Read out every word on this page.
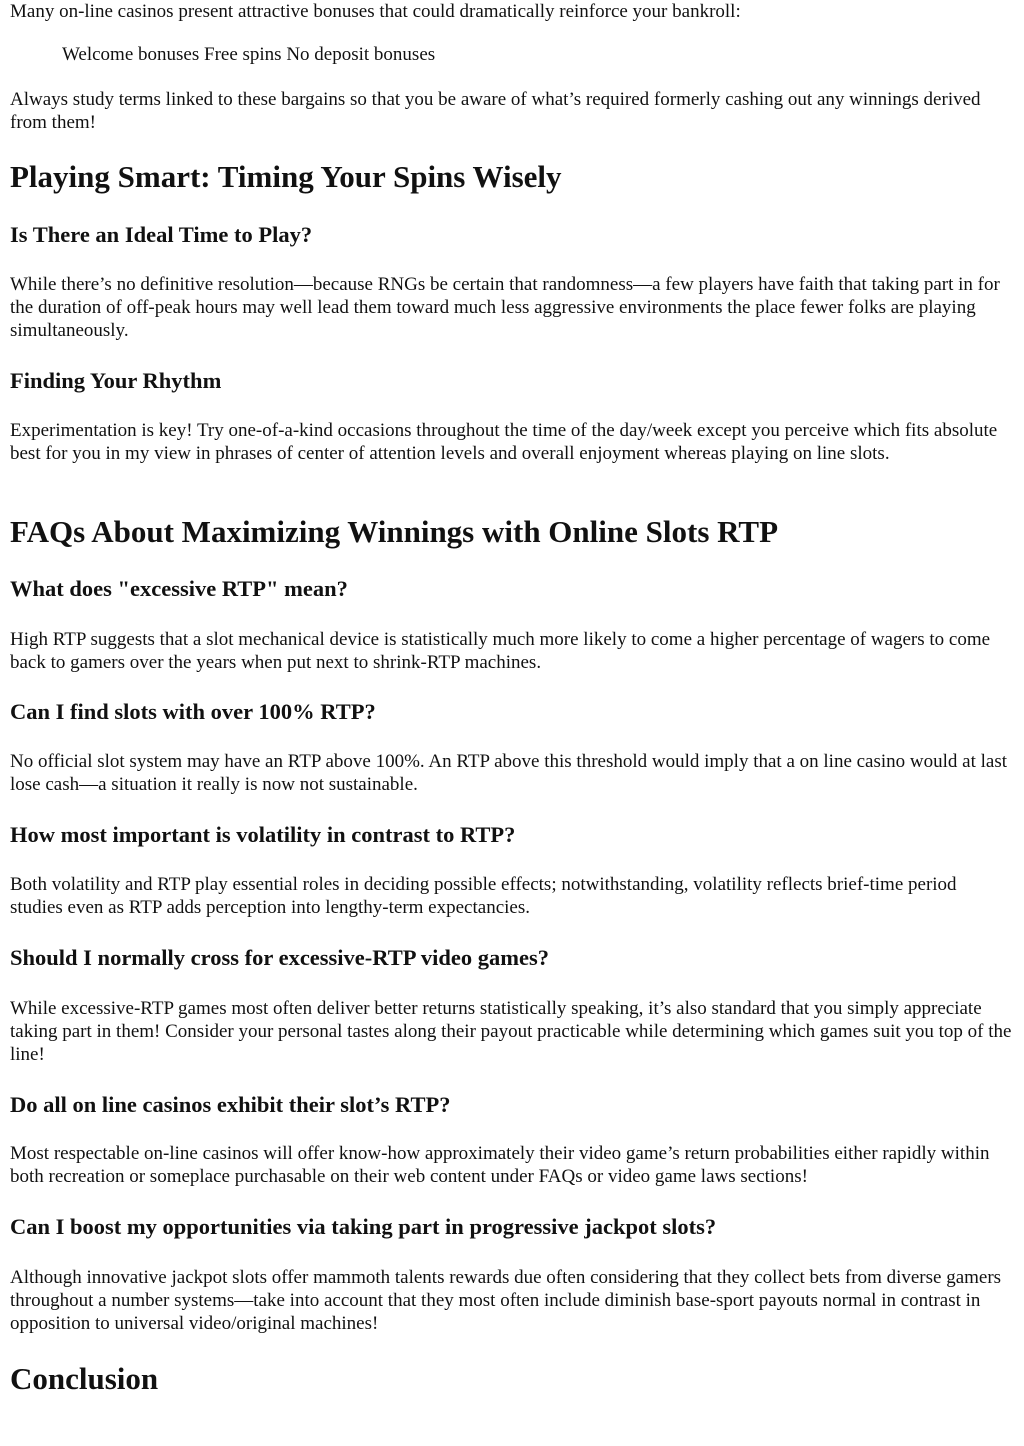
Many on-line casinos present attractive bonuses that could dramatically reinforce your bankroll:

Welcome bonuses Free spins No deposit bonuses

Always study terms linked to these bargains so that you be aware of what’s required formerly cashing out any winnings derived from them!

Playing Smart: Timing Your Spins Wisely
Is There an Ideal Time to Play?

While there’s no definitive resolution—because RNGs be certain that randomness—a few players have faith that taking part in for the duration of off-peak hours may well lead them toward much less aggressive environments the place fewer folks are playing simultaneously.

Finding Your Rhythm

Experimentation is key! Try one-of-a-kind occasions throughout the time of the day/week except you perceive which fits absolute best for you in my view in phrases of center of attention levels and overall enjoyment whereas playing on line slots.

FAQs About Maximizing Winnings with Online Slots RTP
What does "excessive RTP" mean?

High RTP suggests that a slot mechanical device is statistically much more likely to come a higher percentage of wagers to come back to gamers over the years when put next to shrink-RTP machines.

Can I find slots with over 100% RTP?

No official slot system may have an RTP above 100%. An RTP above this threshold would imply that a on line casino would at last lose cash—a situation it really is now not sustainable.

How most important is volatility in contrast to RTP?

Both volatility and RTP play essential roles in deciding possible effects; notwithstanding, volatility reflects brief-time period studies even as RTP adds perception into lengthy-term expectancies.

Should I normally cross for excessive-RTP video games?

While excessive-RTP games most often deliver better returns statistically speaking, it’s also standard that you simply appreciate taking part in them! Consider your personal tastes along their payout practicable while determining which games suit you top of the line!

Do all on line casinos exhibit their slot’s RTP?

Most respectable on-line casinos will offer know-how approximately their video game’s return probabilities either rapidly within both recreation or someplace purchasable on their web content under FAQs or video game laws sections!

Can I boost my opportunities via taking part in progressive jackpot slots?

Although innovative jackpot slots offer mammoth talents rewards due often considering that they collect bets from diverse gamers throughout a number systems—take into account that they most often include diminish base-sport payouts normal in contrast in opposition to universal video/original machines!

Conclusion
